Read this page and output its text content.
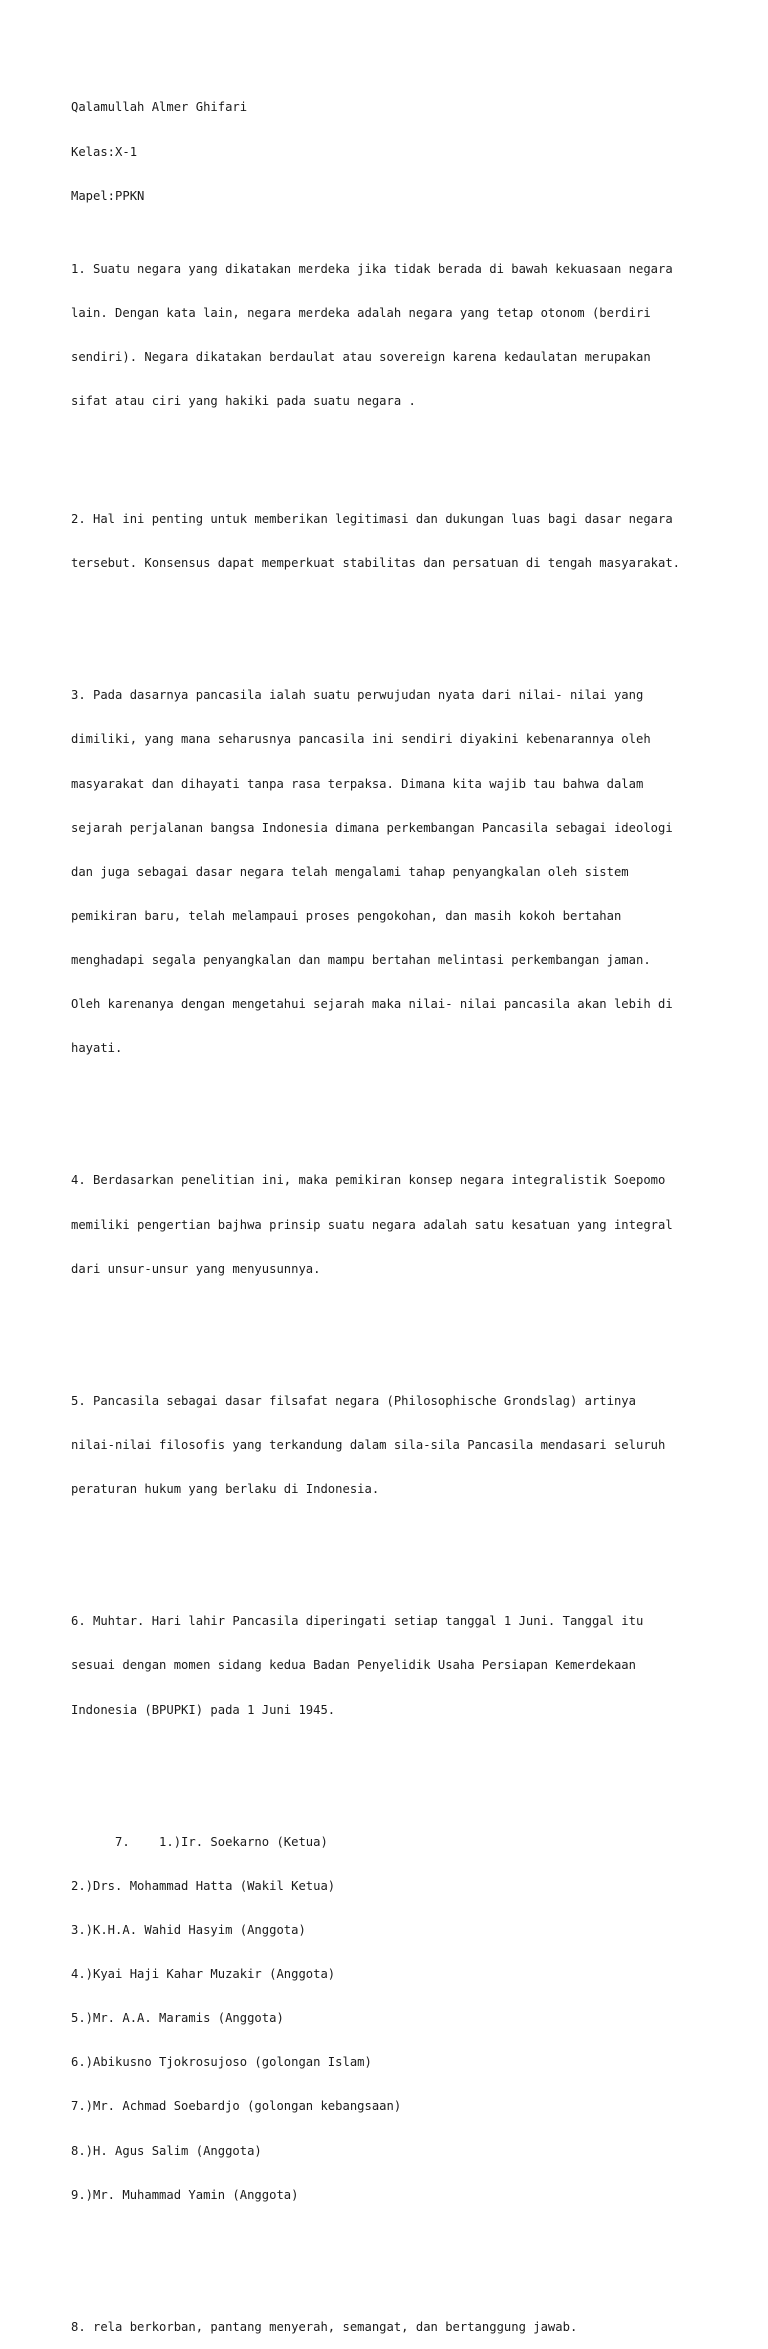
Qalamullah Almer Ghifari

Kelas:X-1

Mapel:PPKN

1. Suatu negara yang dikatakan merdeka jika tidak berada di bawah kekuasaan negara

lain. Dengan kata lain, negara merdeka adalah negara yang tetap otonom (berdiri

sendiri). Negara dikatakan berdaulat atau sovereign karena kedaulatan merupakan

sifat atau ciri yang hakiki pada suatu negara .

2. Hal ini penting untuk memberikan legitimasi dan dukungan luas bagi dasar negara

tersebut. Konsensus dapat memperkuat stabilitas dan persatuan di tengah masyarakat.

3. Pada dasarnya pancasila ialah suatu perwujudan nyata dari nilai- nilai yang

dimiliki, yang mana seharusnya pancasila ini sendiri diyakini kebenarannya oleh

masyarakat dan dihayati tanpa rasa terpaksa. Dimana kita wajib tau bahwa dalam

sejarah perjalanan bangsa Indonesia dimana perkembangan Pancasila sebagai ideologi

dan juga sebagai dasar negara telah mengalami tahap penyangkalan oleh sistem

pemikiran baru, telah melampaui proses pengokohan, dan masih kokoh bertahan

menghadapi segala penyangkalan dan mampu bertahan melintasi perkembangan jaman.

Oleh karenanya dengan mengetahui sejarah maka nilai- nilai pancasila akan lebih di

hayati.

4. Berdasarkan penelitian ini, maka pemikiran konsep negara integralistik Soepomo

memiliki pengertian bajhwa prinsip suatu negara adalah satu kesatuan yang integral

dari unsur-unsur yang menyusunnya.

5. Pancasila sebagai dasar filsafat negara (Philosophische Grondslag) artinya

nilai-nilai filosofis yang terkandung dalam sila-sila Pancasila mendasari seluruh

peraturan hukum yang berlaku di Indonesia.

6. Muhtar. Hari lahir Pancasila diperingati setiap tanggal 1 Juni. Tanggal itu

sesuai dengan momen sidang kedua Badan Penyelidik Usaha Persiapan Kemerdekaan

Indonesia (BPUPKI) pada 1 Juni 1945.

7.    1.)Ir. Soekarno (Ketua)

2.)Drs. Mohammad Hatta (Wakil Ketua)

3.)K.H.A. Wahid Hasyim (Anggota)

4.)Kyai Haji Kahar Muzakir (Anggota)

5.)Mr. A.A. Maramis (Anggota)

6.)Abikusno Tjokrosujoso (golongan Islam)

7.)Mr. Achmad Soebardjo (golongan kebangsaan)

8.)H. Agus Salim (Anggota)

9.)Mr. Muhammad Yamin (Anggota)

8. rela berkorban, pantang menyerah, semangat, dan bertanggung jawab.
